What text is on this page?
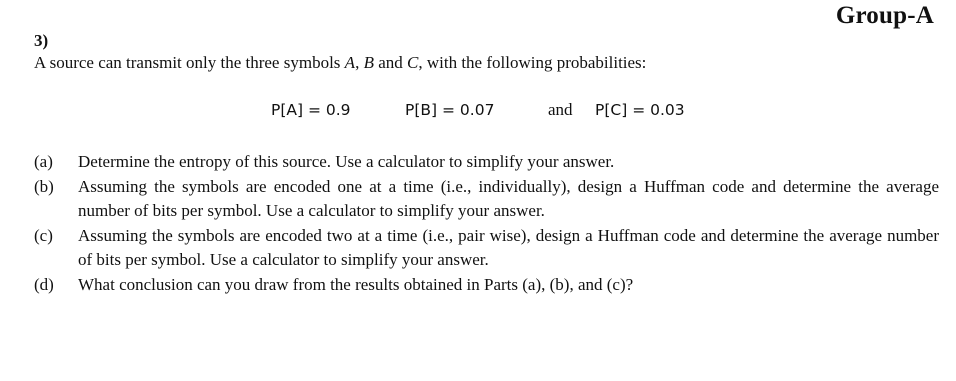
Group-A
3)
A source can transmit only the three symbols A, B and C, with the following probabilities:
P[A] = 0.9	P[B] = 0.07	and P[C] = 0.03
(a)	Determine the entropy of this source. Use a calculator to simplify your answer.
(b)	Assuming the symbols are encoded one at a time (i.e., individually), design a Huffman code and determine the average number of bits per symbol. Use a calculator to simplify your answer.
(c)	Assuming the symbols are encoded two at a time (i.e., pair wise), design a Huffman code and determine the average number of bits per symbol. Use a calculator to simplify your answer.
(d)	What conclusion can you draw from the results obtained in Parts (a), (b), and (c)?
